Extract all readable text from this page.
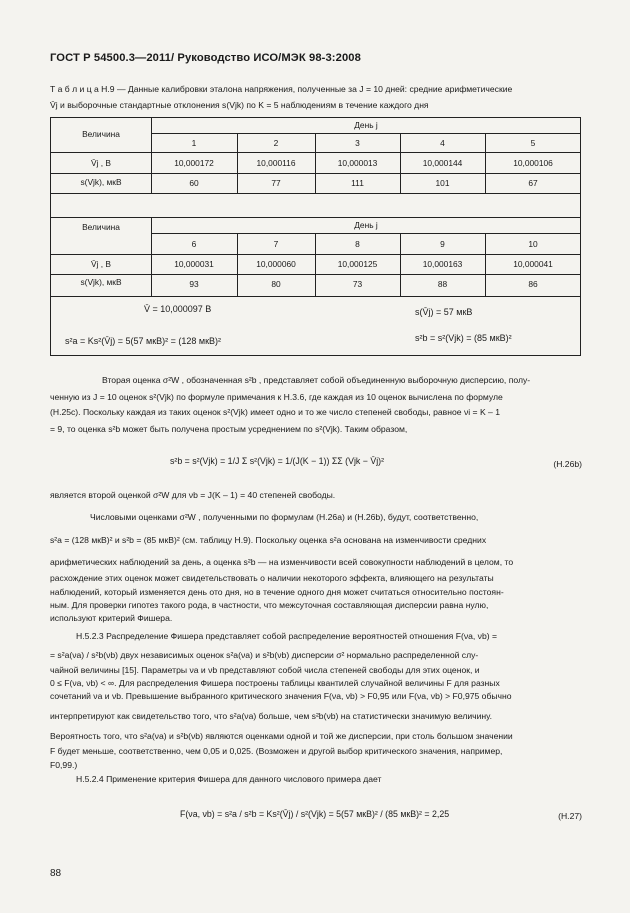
ГОСТ Р 54500.3—2011/ Руководство ИСО/МЭК 98-3:2008
Т а б л и ц а Н.9 — Данные калибровки эталона напряжения, полученные за J = 10 дней: средние арифметические
V̄j и выборочные стандартные отклонения s(Vjk) по K = 5 наблюдениям в течение каждого дня
Величина
День j
1	2	3	4	5
V̄j , В	10,000172	10,000116	10,000013	10,000144	10,000106
s(Vjk), мкВ	60	77	111	101	67
Величина	День j
6	7	8	9	10
V̄j , В	10,000031	10,000060	10,000125	10,000163	10,000041
s(Vjk), мкВ	93	80	73	88	86
V̄ = 10,000097 В	s(V̄j) = 57 мкВ
s²a = Ks²(V̄j) = 5(57 мкВ)² = (128 мкВ)²	s²b = s²(Vjk) = (85 мкВ)²
Вторая оценка σ²W , обозначенная s²b , представляет собой объединенную выборочную дисперсию, полу-
ченную из J = 10 оценок s²(Vjk) по формуле примечания к Н.3.6, где каждая из 10 оценок вычислена по формуле
(Н.25с). Поскольку каждая из таких оценок s²(Vjk) имеет одно и то же число степеней свободы, равное νi = K – 1
= 9, то оценка s²b может быть получена простым усреднением по s²(Vjk). Таким образом,
s²b = s²(Vjk) = 1/J Σ s²(Vjk) = 1/(J(K − 1)) ΣΣ (Vjk − V̄j)²	(Н.26b)
является второй оценкой σ²W для νb = J(K – 1) = 40 степеней свободы.
Числовыми оценками σ²W , полученными по формулам (Н.26а) и (Н.26b), будут, соответственно,
s²a = (128 мкВ)² и s²b = (85 мкВ)² (см. таблицу Н.9). Поскольку оценка s²a основана на изменчивости средних
арифметических наблюдений за день, а оценка s²b — на изменчивости всей совокупности наблюдений в целом, то
расхождение этих оценок может свидетельствовать о наличии некоторого эффекта, влияющего на результаты
наблюдений, который изменяется день ото дня, но в течение одного дня может считаться относительно постоян-
ным. Для проверки гипотез такого рода, в частности, что межсуточная составляющая дисперсии равна нулю,
используют критерий Фишера.
Н.5.2.3 Распределение Фишера представляет собой распределение вероятностей отношения F(νa, νb) =
= s²a(νa) / s²b(νb) двух независимых оценок s²a(νa) и s²b(νb) дисперсии σ² нормально распределенной слу-
чайной величины [15]. Параметры νa и νb представляют собой числа степеней свободы для этих оценок, и
0 ≤ F(νa, νb) < ∞. Для распределения Фишера построены таблицы квантилей случайной величины F для разных
сочетаний νa и νb. Превышение выбранного критического значения F(νa, νb) > F0,95 или F(νa, νb) > F0,975 обычно
интерпретируют как свидетельство того, что s²a(νa) больше, чем s²b(νb) на статистически значимую величину.
Вероятность того, что s²a(νa) и s²b(νb) являются оценками одной и той же дисперсии, при столь большом значении
F будет меньше, соответственно, чем 0,05 и 0,025. (Возможен и другой выбор критического значения, например,
F0,99.)
Н.5.2.4 Применение критерия Фишера для данного числового примера дает
F(νa, νb) = s²a / s²b = Ks²(V̄j) / s²(Vjk) = 5(57 мкВ)² / (85 мкВ)² = 2,25	(Н.27)
88
